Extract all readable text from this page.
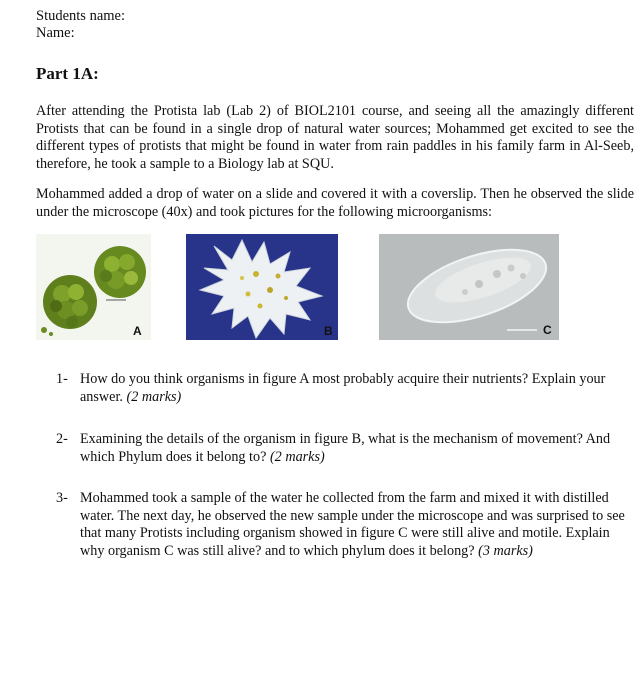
Students name:
Name:
Part 1A:
After attending the Protista lab (Lab 2) of BIOL2101 course, and seeing all the amazingly different Protists that can be found in a single drop of natural water sources; Mohammed get excited to see the different types of protists that might be found in water from rain paddles in his family farm in Al-Seeb, therefore, he took a sample to a Biology lab at SQU.
Mohammed added a drop of water on a slide and covered it with a coverslip. Then he observed the slide under the microscope (40x) and took pictures for the following microorganisms:
A	B	C
1- How do you think organisms in figure A most probably acquire their nutrients? Explain your answer. (2 marks)
2- Examining the details of the organism in figure B, what is the mechanism of movement? And which Phylum does it belong to? (2 marks)
3- Mohammed took a sample of the water he collected from the farm and mixed it with distilled water. The next day, he observed the new sample under the microscope and was surprised to see that many Protists including organism showed in figure C were still alive and motile. Explain why organism C was still alive? and to which phylum does it belong? (3 marks)
